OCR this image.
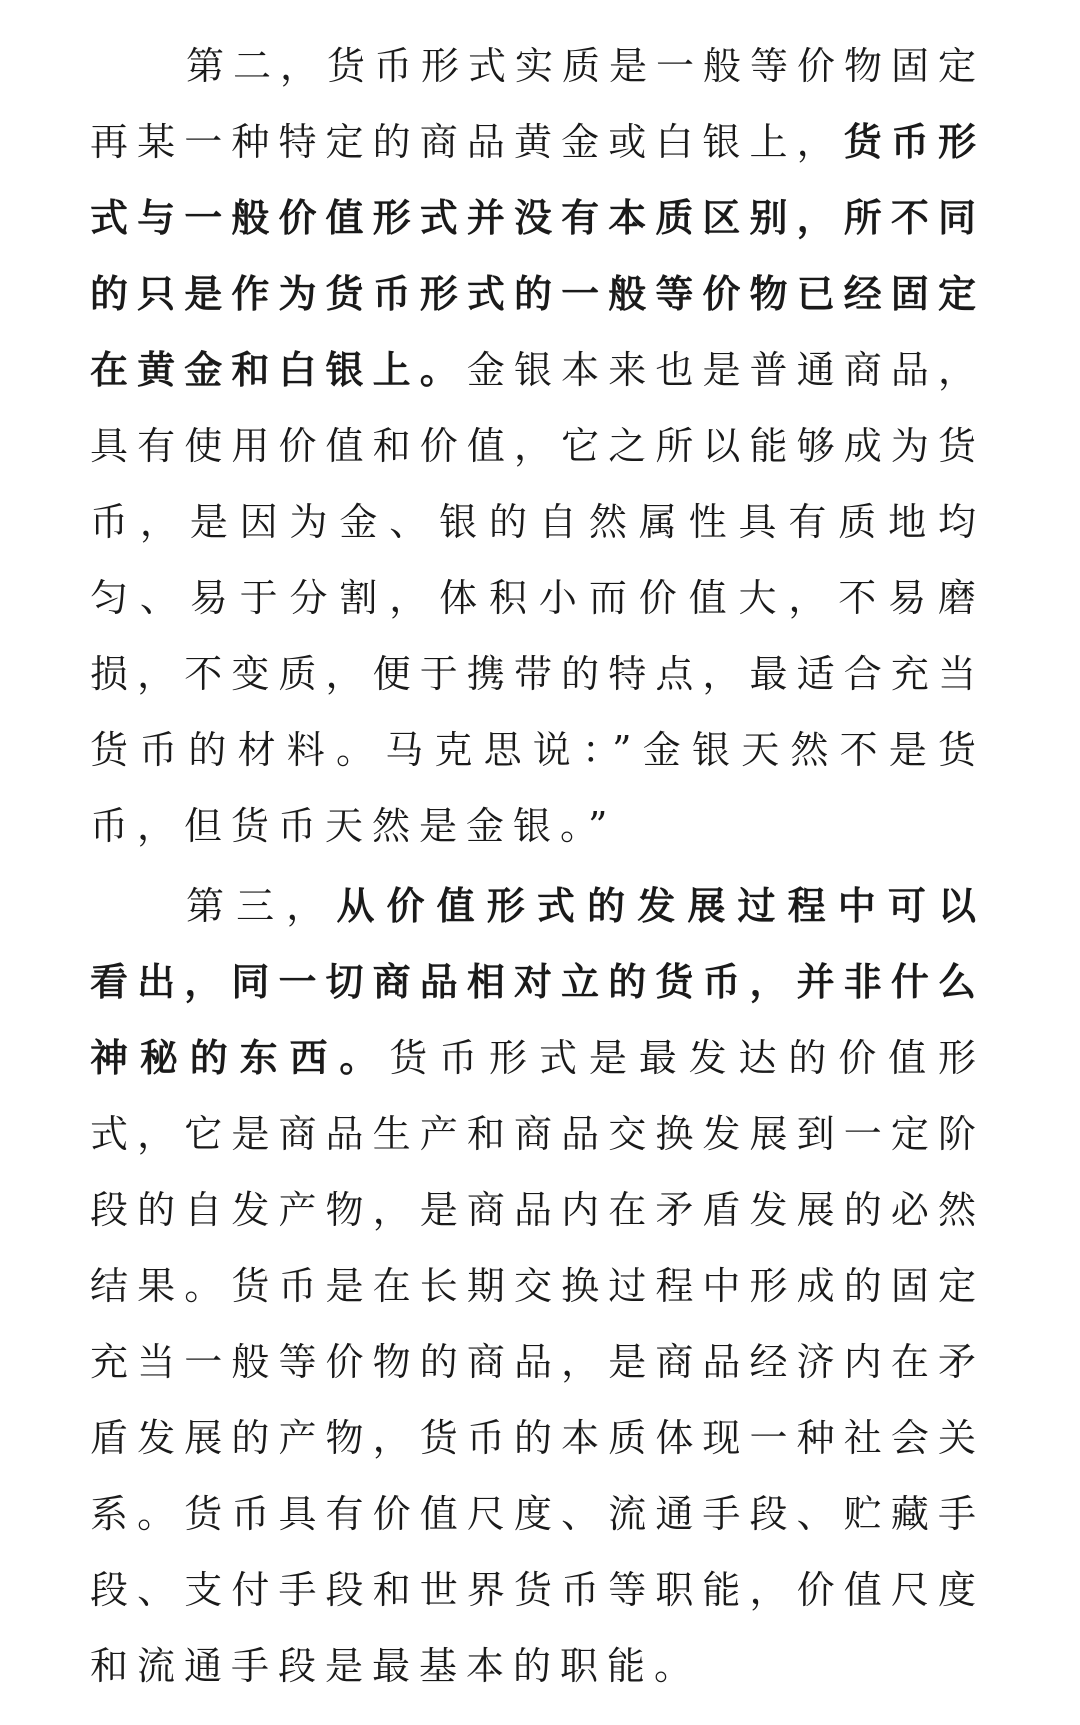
第二，货币形式实质是一般等价物固定再某一种特定的商品黄金或白银上，货币形式与一般价值形式并没有本质区别，所不同的只是作为货币形式的一般等价物已经固定在黄金和白银上。金银本来也是普通商品，具有使用价值和价值，它之所以能够成为货币，是因为金、银的自然属性具有质地均匀、易于分割，体积小而价值大，不易磨损，不变质，便于携带的特点，最适合充当货币的材料。马克思说：”金银天然不是货币，但货币天然是金银。”

第三，从价值形式的发展过程中可以看出，同一切商品相对立的货币，并非什么神秘的东西。货币形式是最发达的价值形式，它是商品生产和商品交换发展到一定阶段的自发产物，是商品内在矛盾发展的必然结果。货币是在长期交换过程中形成的固定充当一般等价物的商品，是商品经济内在矛盾发展的产物，货币的本质体现一种社会关系。货币具有价值尺度、流通手段、贮藏手段、支付手段和世界货币等职能，价值尺度和流通手段是最基本的职能。
